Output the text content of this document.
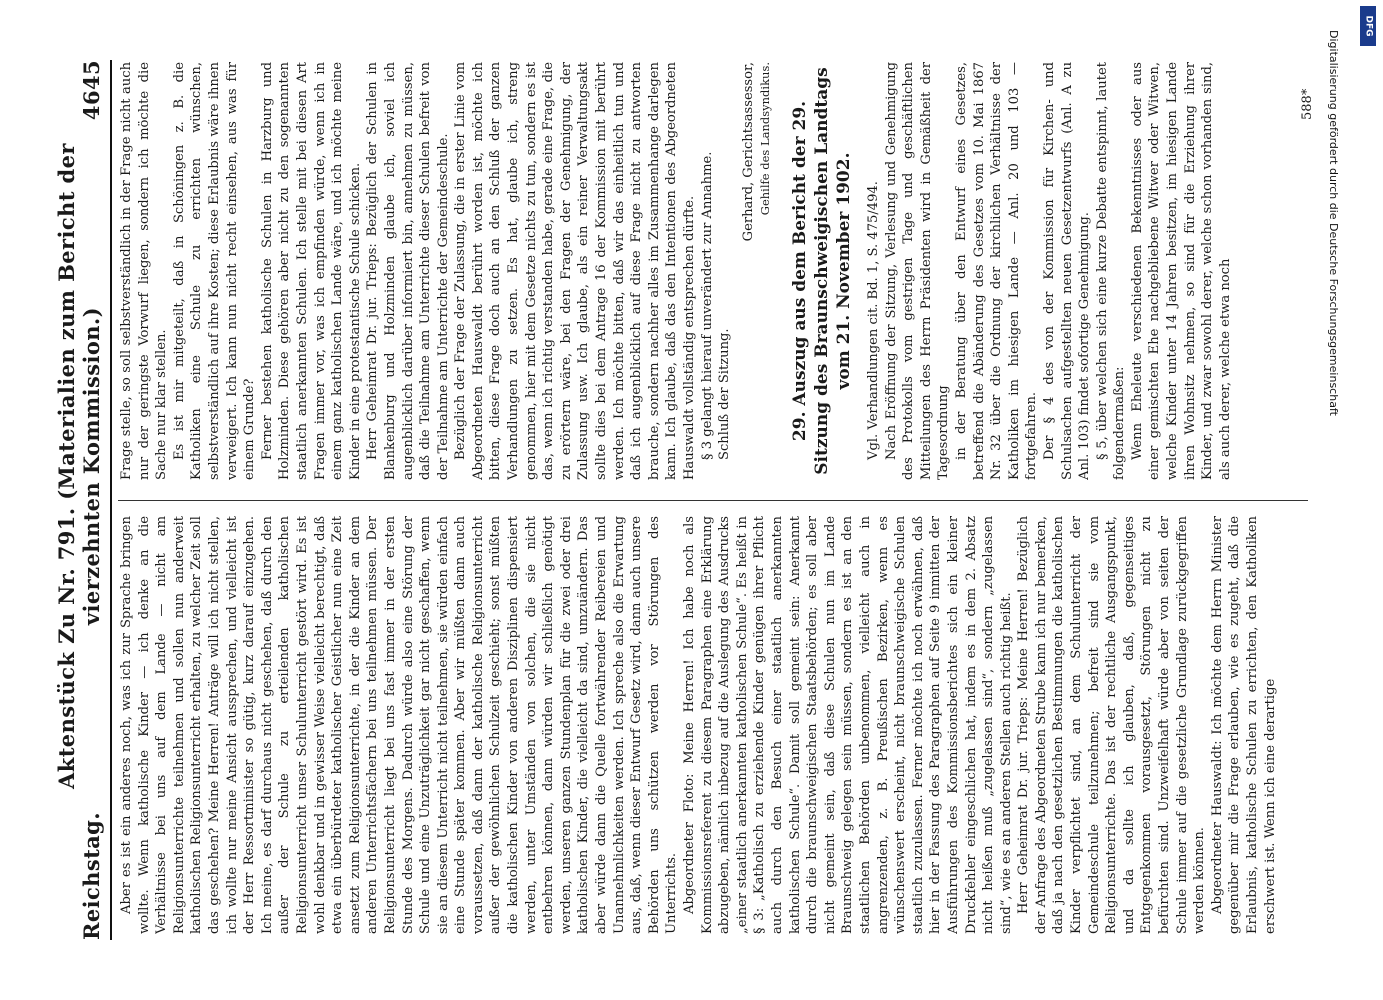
Reichstag.
Aktenstück Zu Nr. 791. (Materialien zum Bericht der vierzehnten Kommission.)
4645

Aber es ist ein anderes noch, was ich zur Sprache bringen wollte. Wenn katholische Kinder — ich denke an die Verhältnisse bei uns auf dem Lande — nicht am Religionsunterrichte teilnehmen und sollen nun anderweit katholischen Religionsunterricht erhalten, zu welcher Zeit soll das geschehen? Meine Herren! Anträge will ich nicht stellen, ich wollte nur meine Ansicht aussprechen, und vielleicht ist der Herr Ressortminister so gütig, kurz darauf einzugehen. Ich meine, es darf durchaus nicht geschehen, daß durch den außer der Schule zu erteilenden katholischen Religionsunterricht unser Schulunterricht gestört wird. Es ist wohl denkbar und in gewisser Weise vielleicht berechtigt, daß etwa ein überbürdeter katholischer Geistlicher nun eine Zeit ansetzt zum Religionsunterrichte, in der die Kinder an dem anderen Unterrichtsfächern bei uns teilnehmen müssen. Der Religionsunterricht liegt bei uns fast immer in der ersten Stunde des Morgens. Dadurch würde also eine Störung der Schule und eine Unzuträglichkeit gar nicht geschaffen, wenn sie an diesem Unterricht nicht teilnehmen, sie würden einfach eine Stunde später kommen. Aber wir müßten dann auch voraussetzen, daß dann der katholische Religionsunterricht außer der gewöhnlichen Schulzeit geschieht; sonst müßten die katholischen Kinder von anderen Disziplinen dispensiert werden, unter Umständen von solchen, die sie nicht entbehren können, dann würden wir schließlich genötigt werden, unseren ganzen Stundenplan für die zwei oder drei katholischen Kinder, die vielleicht da sind, umzuändern. Das aber würde dann die Quelle fortwährender Reibereien und Unannehmlichkeiten werden. Ich spreche also die Erwartung aus, daß, wenn dieser Entwurf Gesetz wird, dann auch unsere Behörden uns schützen werden vor Störungen des Unterrichts. Abgeordneter Floto: Meine Herren! Ich habe noch als Kommissionsreferent zu diesem Paragraphen eine Erklärung abzugeben, nämlich inbezug auf die Auslegung des Ausdrucks „einer staatlich anerkannten katholischen Schule“. Es heißt in § 3: „Katholisch zu erziehende Kinder genügen ihrer Pflicht auch durch den Besuch einer staatlich anerkannten katholischen Schule“. Damit soll gemeint sein: Anerkannt durch die braunschweigischen Staatsbehörden; es soll aber nicht gemeint sein, daß diese Schulen nun im Lande Braunschweig gelegen sein müssen, sondern es ist an den staatlichen Behörden unbenommen, vielleicht auch in angrenzenden, z. B. Preußischen Bezirken, wenn es wünschenswert erscheint, nicht braunschweigische Schulen staatlich zuzulassen. Ferner möchte ich noch erwähnen, daß hier in der Fassung des Paragraphen auf Seite 9 inmitten der Ausführungen des Kommissionsberichtes sich ein kleiner Druckfehler eingeschlichen hat, indem es in dem 2. Absatz nicht heißen muß „zugelassen sind“, sondern „zugelassen sind“, wie es an anderen Stellen auch richtig heißt. Herr Geheimrat Dr. jur. Trieps: Meine Herren! Bezüglich der Anfrage des Abgeordneten Strube kann ich nur bemerken, daß ja nach den gesetzlichen Bestimmungen die katholischen Kinder verpflichtet sind, an dem Schulunterricht der Gemeindeschule teilzunehmen; befreit sind sie vom Religionsunterrichte. Das ist der rechtliche Ausgangspunkt, und da sollte ich glauben, daß, gegenseitiges Entgegenkommen vorausgesetzt, Störungen nicht zu befürchten sind. Unzweifelhaft würde aber von seiten der Schule immer auf die gesetzliche Grundlage zurückgegriffen werden können. Abgeordneter Hauswaldt: Ich möchte dem Herrn Minister gegenüber mir die Frage erlauben, wie es zugeht, daß die Erlaubnis, katholische Schulen zu errichten, den Katholiken erschwert ist. Wenn ich eine derartige

Frage stelle, so soll selbstverständlich in der Frage nicht auch nur der geringste Vorwurf liegen, sondern ich möchte die Sache nur klar stellen. Es ist mir mitgeteilt, daß in Schöningen z. B. die Katholiken eine Schule zu errichten wünschen, selbstverständlich auf ihre Kosten; diese Erlaubnis wäre ihnen verweigert. Ich kann nun nicht recht einsehen, aus was für einem Grunde? Ferner bestehen katholische Schulen in Harzburg und Holzminden. Diese gehören aber nicht zu den sogenannten staatlich anerkannten Schulen. Ich stelle mit bei diesen Art Fragen immer vor, was ich empfinden würde, wenn ich in einem ganz katholischen Lande wäre, und ich möchte meine Kinder in eine protestantische Schule schicken. Herr Geheimrat Dr. jur. Trieps: Bezüglich der Schulen in Blankenburg und Holzminden glaube ich, soviel ich augenblicklich darüber informiert bin, annehmen zu müssen, daß die Teilnahme am Unterrichte dieser Schulen befreit von der Teilnahme am Unterrichte der Gemeindeschule. Bezüglich der Frage der Zulassung, die in erster Linie vom Abgeordneten Hauswaldt berührt worden ist, möchte ich bitten, diese Frage doch auch an den Schluß der ganzen Verhandlungen zu setzen. Es hat, glaube ich, streng genommen, hier mit dem Gesetze nichts zu tun, sondern es ist das, wenn ich richtig verstanden habe, gerade eine Frage, die zu erörtern wäre, bei den Fragen der Genehmigung, der Zulassung usw. Ich glaube, als ein reiner Verwaltungsakt sollte dies bei dem Antrage 16 der Kommission mit berührt werden. Ich möchte bitten, daß wir das einheitlich tun und daß ich augenblicklich auf diese Frage nicht zu antworten brauche, sondern nachher alles im Zusammenhange darlegen kann. Ich glaube, daß das den Intentionen des Abgeordneten Hauswaldt vollständig entsprechen dürfte. § 3 gelangt hierauf unverändert zur Annahme. Schluß der Sitzung.

Gerhard, Gerichtsassessor, Gehilfe des Landsyndikus. 29. Auszug aus dem Bericht der 29. Sitzung des Braunschweigischen Landtags vom 21. November 1902. Vgl. Verhandlungen cit. Bd. 1, S. 475/494. Nach Eröffnung der Sitzung, Verlesung und Genehmigung des Protokolls vom gestrigen Tage und geschäftlichen Mitteilungen des Herrn Präsidenten wird in Gemäßheit der Tagesordnung in der Beratung über den Entwurf eines Gesetzes, betreffend die Abänderung des Gesetzes vom 10. Mai 1867 Nr. 32 über die Ordnung der kirchlichen Verhältnisse der Katholiken im hiesigen Lande — Anl. 20 und 103 — fortgefahren. Der § 4 des von der Kommission für Kirchen- und Schulsachen aufgestellten neuen Gesetzentwurfs (Anl. A zu Anl. 103) findet sofortige Genehmigung. § 5, über welchen sich eine kurze Debatte entspinnt, lautet folgendermaßen: Wenn Eheleute verschiedenen Bekenntnisses oder aus einer gemischten Ehe nachgebliebene Witwer oder Witwen, welche Kinder unter 14 Jahren besitzen, im hiesigen Lande ihren Wohnsitz nehmen, so sind für die Erziehung ihrer Kinder, und zwar sowohl derer, welche schon vorhanden sind, als auch derer, welche etwa noch

588*
DFG
Digitalisierung gefördert durch die Deutsche Forschungsgemeinschaft
